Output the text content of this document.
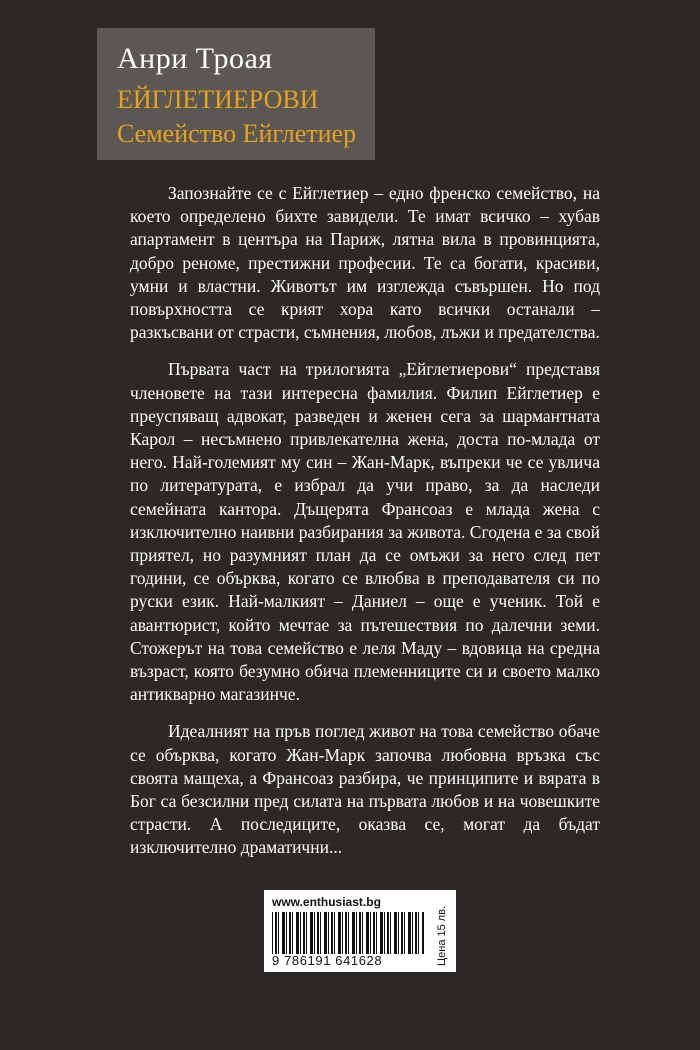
Анри Троая
ЕЙГЛЕТИЕРОВИ
Семейство Ейглетиер

Запознайте се с Ейглетиер – едно френско семейство, на което определено бихте завидели. Те имат всичко – хубав апартамент в центъра на Париж, лятна вила в провинцията, добро реноме, престижни професии. Те са богати, красиви, умни и властни. Животът им изглежда съвършен. Но под повърхността се крият хора като всички останали – разкъсвани от страсти, съмнения, любов, лъжи и предателства.

Първата част на трилогията „Ейглетиерови“ представя членовете на тази интересна фамилия. Филип Ейглетиер е преуспяващ адвокат, разведен и женен сега за шармантната Карол – несъмнено привлекателна жена, доста по-млада от него. Най-големият му син – Жан-Марк, въпреки че се увлича по литературата, е избрал да учи право, за да наследи семейната кантора. Дъщерята Франсоаз е млада жена с изключително наивни разбирания за живота. Сгодена е за свой приятел, но разумният план да се омъжи за него след пет години, се обърква, когато се влюбва в преподавателя си по руски език. Най-малкият – Даниел – още е ученик. Той е авантюрист, който мечтае за пътешествия по далечни земи. Стожерът на това семейство е леля Маду – вдовица на средна възраст, която безумно обича племенниците си и своето малко антикварно магазинче.

Идеалният на пръв поглед живот на това семейство обаче се обърква, когато Жан-Марк започва любовна връзка със своята мащеха, а Франсоаз разбира, че принципите и вярата в Бог са безсилни пред силата на първата любов и на човешките страсти. А последиците, оказва се, могат да бъдат изключително драматични...

www.enthusiast.bg
9 786191 641628	Цена 15 лв.
